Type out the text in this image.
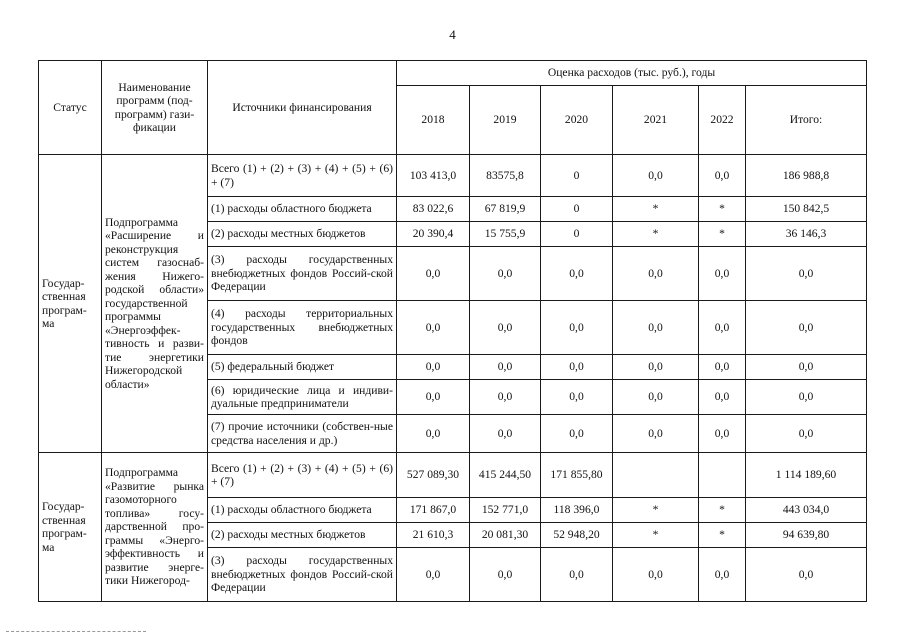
4
Статус	Наименование программ (под-программ) гази-фикации	Источники финансирования	Оценка расходов (тыс. руб.), годы					
			2018	2019	2020	2021	2022	Итого:
Государ-ственная програм-ма	Подпрограмма «Расширение и реконструкция систем газоснаб-жения Нижего-родской области» государственной программы «Энергоэффек-тивность и разви-тие энергетики Нижегородской области»	Всего (1) + (2) + (3) + (4) + (5) + (6) + (7)	103 413,0	83575,8	0	0,0	0,0	186 988,8
		(1) расходы областного бюджета	83 022,6	67 819,9	0	*	*	150 842,5
		(2) расходы местных бюджетов	20 390,4	15 755,9	0	*	*	36 146,3
		(3) расходы государственных внебюджетных фондов Россий-ской Федерации	0,0	0,0	0,0	0,0	0,0	0,0
		(4) расходы территориальных государственных внебюджетных фондов	0,0	0,0	0,0	0,0	0,0	0,0
		(5) федеральный бюджет	0,0	0,0	0,0	0,0	0,0	0,0
		(6) юридические лица и индиви-дуальные предприниматели	0,0	0,0	0,0	0,0	0,0	0,0
		(7) прочие источники (собствен-ные средства населения и др.)	0,0	0,0	0,0	0,0	0,0	0,0
Государ-ственная програм-ма	Подпрограмма «Развитие рынка газомоторного топлива» госу-дарственной про-граммы «Энерго-эффективность и развитие энерге-тики Нижегород-	Всего (1) + (2) + (3) + (4) + (5) + (6) + (7)	527 089,30	415 244,50	171 855,80			1 114 189,60
		(1) расходы областного бюджета	171 867,0	152 771,0	118 396,0	*	*	443 034,0
		(2) расходы местных бюджетов	21 610,3	20 081,30	52 948,20	*	*	94 639,80
		(3) расходы государственных внебюджетных фондов Россий-ской Федерации	0,0	0,0	0,0	0,0	0,0	0,0
